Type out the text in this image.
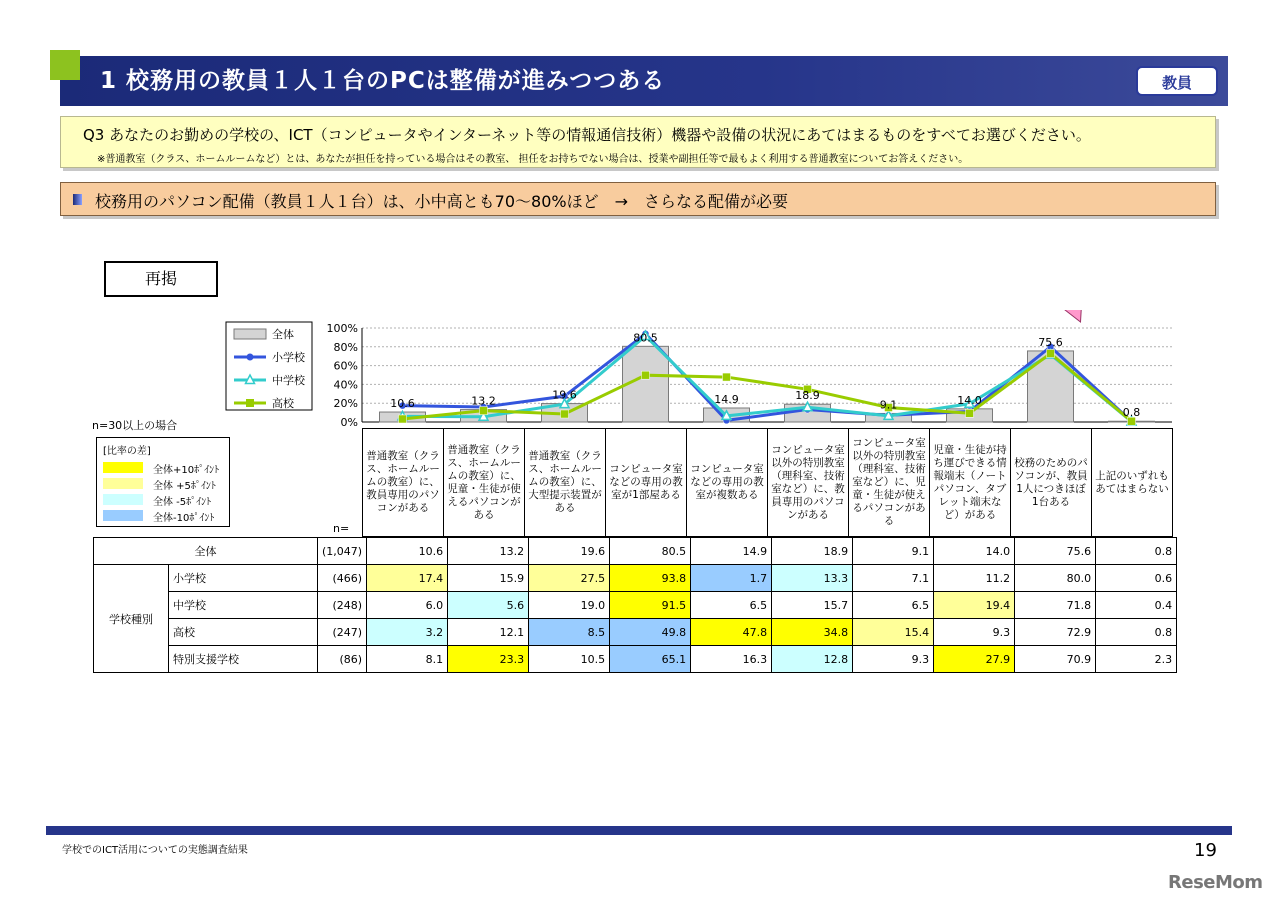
1 校務用の教員１人１台のPCは整備が進みつつある	教員
Q3 あなたのお勤めの学校の、ICT（コンピュータやインターネット等の情報通信技術）機器や設備の状況にあてはまるものをすべてお選びください。
※普通教室（クラス、ホームルームなど）とは、あなたが担任を持っている場合はその教室、 担任をお持ちでない場合は、授業や副担任等で最もよく利用する普通教室についてお答えください。
校務用のパソコン配備（教員１人１台）は、小中高とも70～80%ほど　→　さらなる配備が必要
再掲
n=30以上の場合
[比率の差]
全体+10ﾎﾟｲﾝﾄ
全体 +5ﾎﾟｲﾝﾄ
全体 -5ﾎﾟｲﾝﾄ
全体-10ﾎﾟｲﾝﾄ
n=
0%
20%
40%
60%
80%
100%
10.6	13.2	19.6
80.5
14.9	18.9
9.1	14.0
75.6
0.8
全体
小学校
中学校
高校
普通教室（クラス、ホームルームの教室）に、教員専用のパソコンがある
普通教室（クラス、ホームルームの教室）に、児童・生徒が使えるパソコンがある
普通教室（クラス、ホームルームの教室）に、大型提示装置がある
コンピュータ室などの専用の教室が1部屋ある
コンピュータ室などの専用の教室が複数ある
コンピュータ室以外の特別教室（理科室、技術室など）に、教員専用のパソコンがある
コンピュータ室以外の特別教室（理科室、技術室など）に、児童・生徒が使えるパソコンがある
児童・生徒が持ち運びできる情報端末（ノートパソコン、タブレット端末など）がある
校務のためのパソコンが、教員1人につきほぼ1台ある
上記のいずれもあてはまらない
全体		(1,047)	10.6	13.2	19.6	80.5	14.9	18.9	9.1	14.0	75.6	0.8
学校種別	小学校	(466)	17.4	15.9	27.5	93.8	1.7	13.3	7.1	11.2	80.0	0.6
	中学校	(248)	6.0	5.6	19.0	91.5	6.5	15.7	6.5	19.4	71.8	0.4
	高校	(247)	3.2	12.1	8.5	49.8	47.8	34.8	15.4	9.3	72.9	0.8
	特別支援学校	(86)	8.1	23.3	10.5	65.1	16.3	12.8	9.3	27.9	70.9	2.3
学校でのICT活用についての実態調査結果	19
ReseMom
